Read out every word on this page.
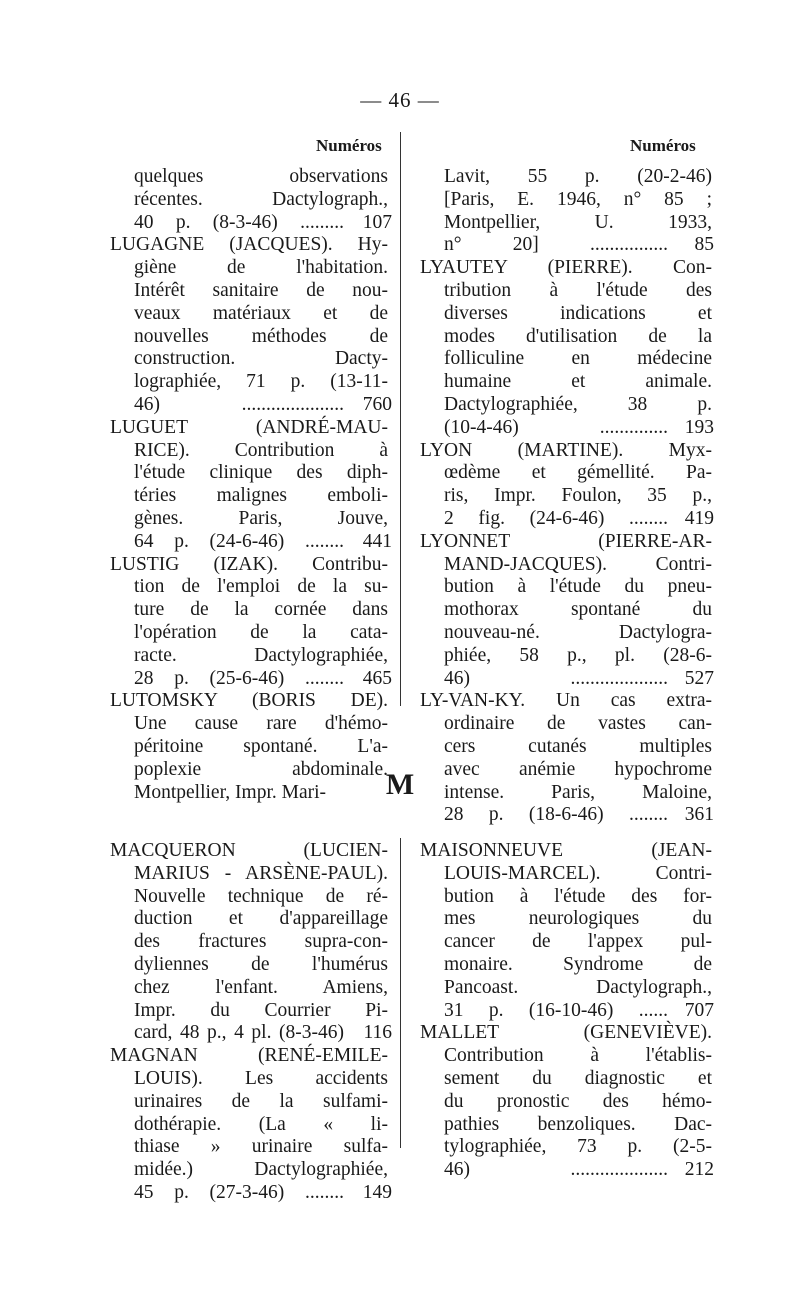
— 46 —
Numéros	Numéros
quelques observations
récentes. Dactylograph.,
40 p. (8-3-46) ......... 107
LUGAGNE (JACQUES). Hy-
giène de l'habitation.
Intérêt sanitaire de nou-
veaux matériaux et de
nouvelles méthodes de
construction. Dacty-
lographiée, 71 p. (13-11-
46) ..................... 760
LUGUET (ANDRÉ-MAU-
RICE). Contribution à
l'étude clinique des diph-
téries malignes emboli-
gènes. Paris, Jouve,
64 p. (24-6-46) ........ 441
LUSTIG (IZAK). Contribu-
tion de l'emploi de la su-
ture de la cornée dans
l'opération de la cata-
racte. Dactylographiée,
28 p. (25-6-46) ........ 465
LUTOMSKY (BORIS DE).
Une cause rare d'hémo-
péritoine spontané. L'a-
poplexie abdominale.
Montpellier, Impr. Mari-
Lavit, 55 p. (20-2-46)
[Paris, E. 1946, n° 85 ;
Montpellier, U. 1933,
n° 20] ................ 85
LYAUTEY (PIERRE). Con-
tribution à l'étude des
diverses indications et
modes d'utilisation de la
folliculine en médecine
humaine et animale.
Dactylographiée, 38 p.
(10-4-46) .............. 193
LYON (MARTINE). Myx-
œdème et gémellité. Pa-
ris, Impr. Foulon, 35 p.,
2 fig. (24-6-46) ........ 419
LYONNET (PIERRE-AR-
MAND-JACQUES). Contri-
bution à l'étude du pneu-
mothorax spontané du
nouveau-né. Dactylogra-
phiée, 58 p., pl. (28-6-
46) .................... 527
LY-VAN-KY. Un cas extra-
ordinaire de vastes can-
cers cutanés multiples
avec anémie hypochrome
intense. Paris, Maloine,
28 p. (18-6-46) ........ 361
M
MACQUERON (LUCIEN-
MARIUS - ARSÈNE-PAUL).
Nouvelle technique de ré-
duction et d'appareillage
des fractures supra-con-
dyliennes de l'humérus
chez l'enfant. Amiens,
Impr. du Courrier Pi-
card, 48 p., 4 pl. (8-3-46) 116
MAGNAN (RENÉ-EMILE-
LOUIS). Les accidents
urinaires de la sulfami-
dothérapie. (La « li-
thiase » urinaire sulfa-
midée.) Dactylographiée,
45 p. (27-3-46) ........ 149
MAISONNEUVE (JEAN-
LOUIS-MARCEL). Contri-
bution à l'étude des for-
mes neurologiques du
cancer de l'appex pul-
monaire. Syndrome de
Pancoast. Dactylograph.,
31 p. (16-10-46) ...... 707
MALLET (GENEVIÈVE).
Contribution à l'établis-
sement du diagnostic et
du pronostic des hémo-
pathies benzoliques. Dac-
tylographiée, 73 p. (2-5-
46) .................... 212
